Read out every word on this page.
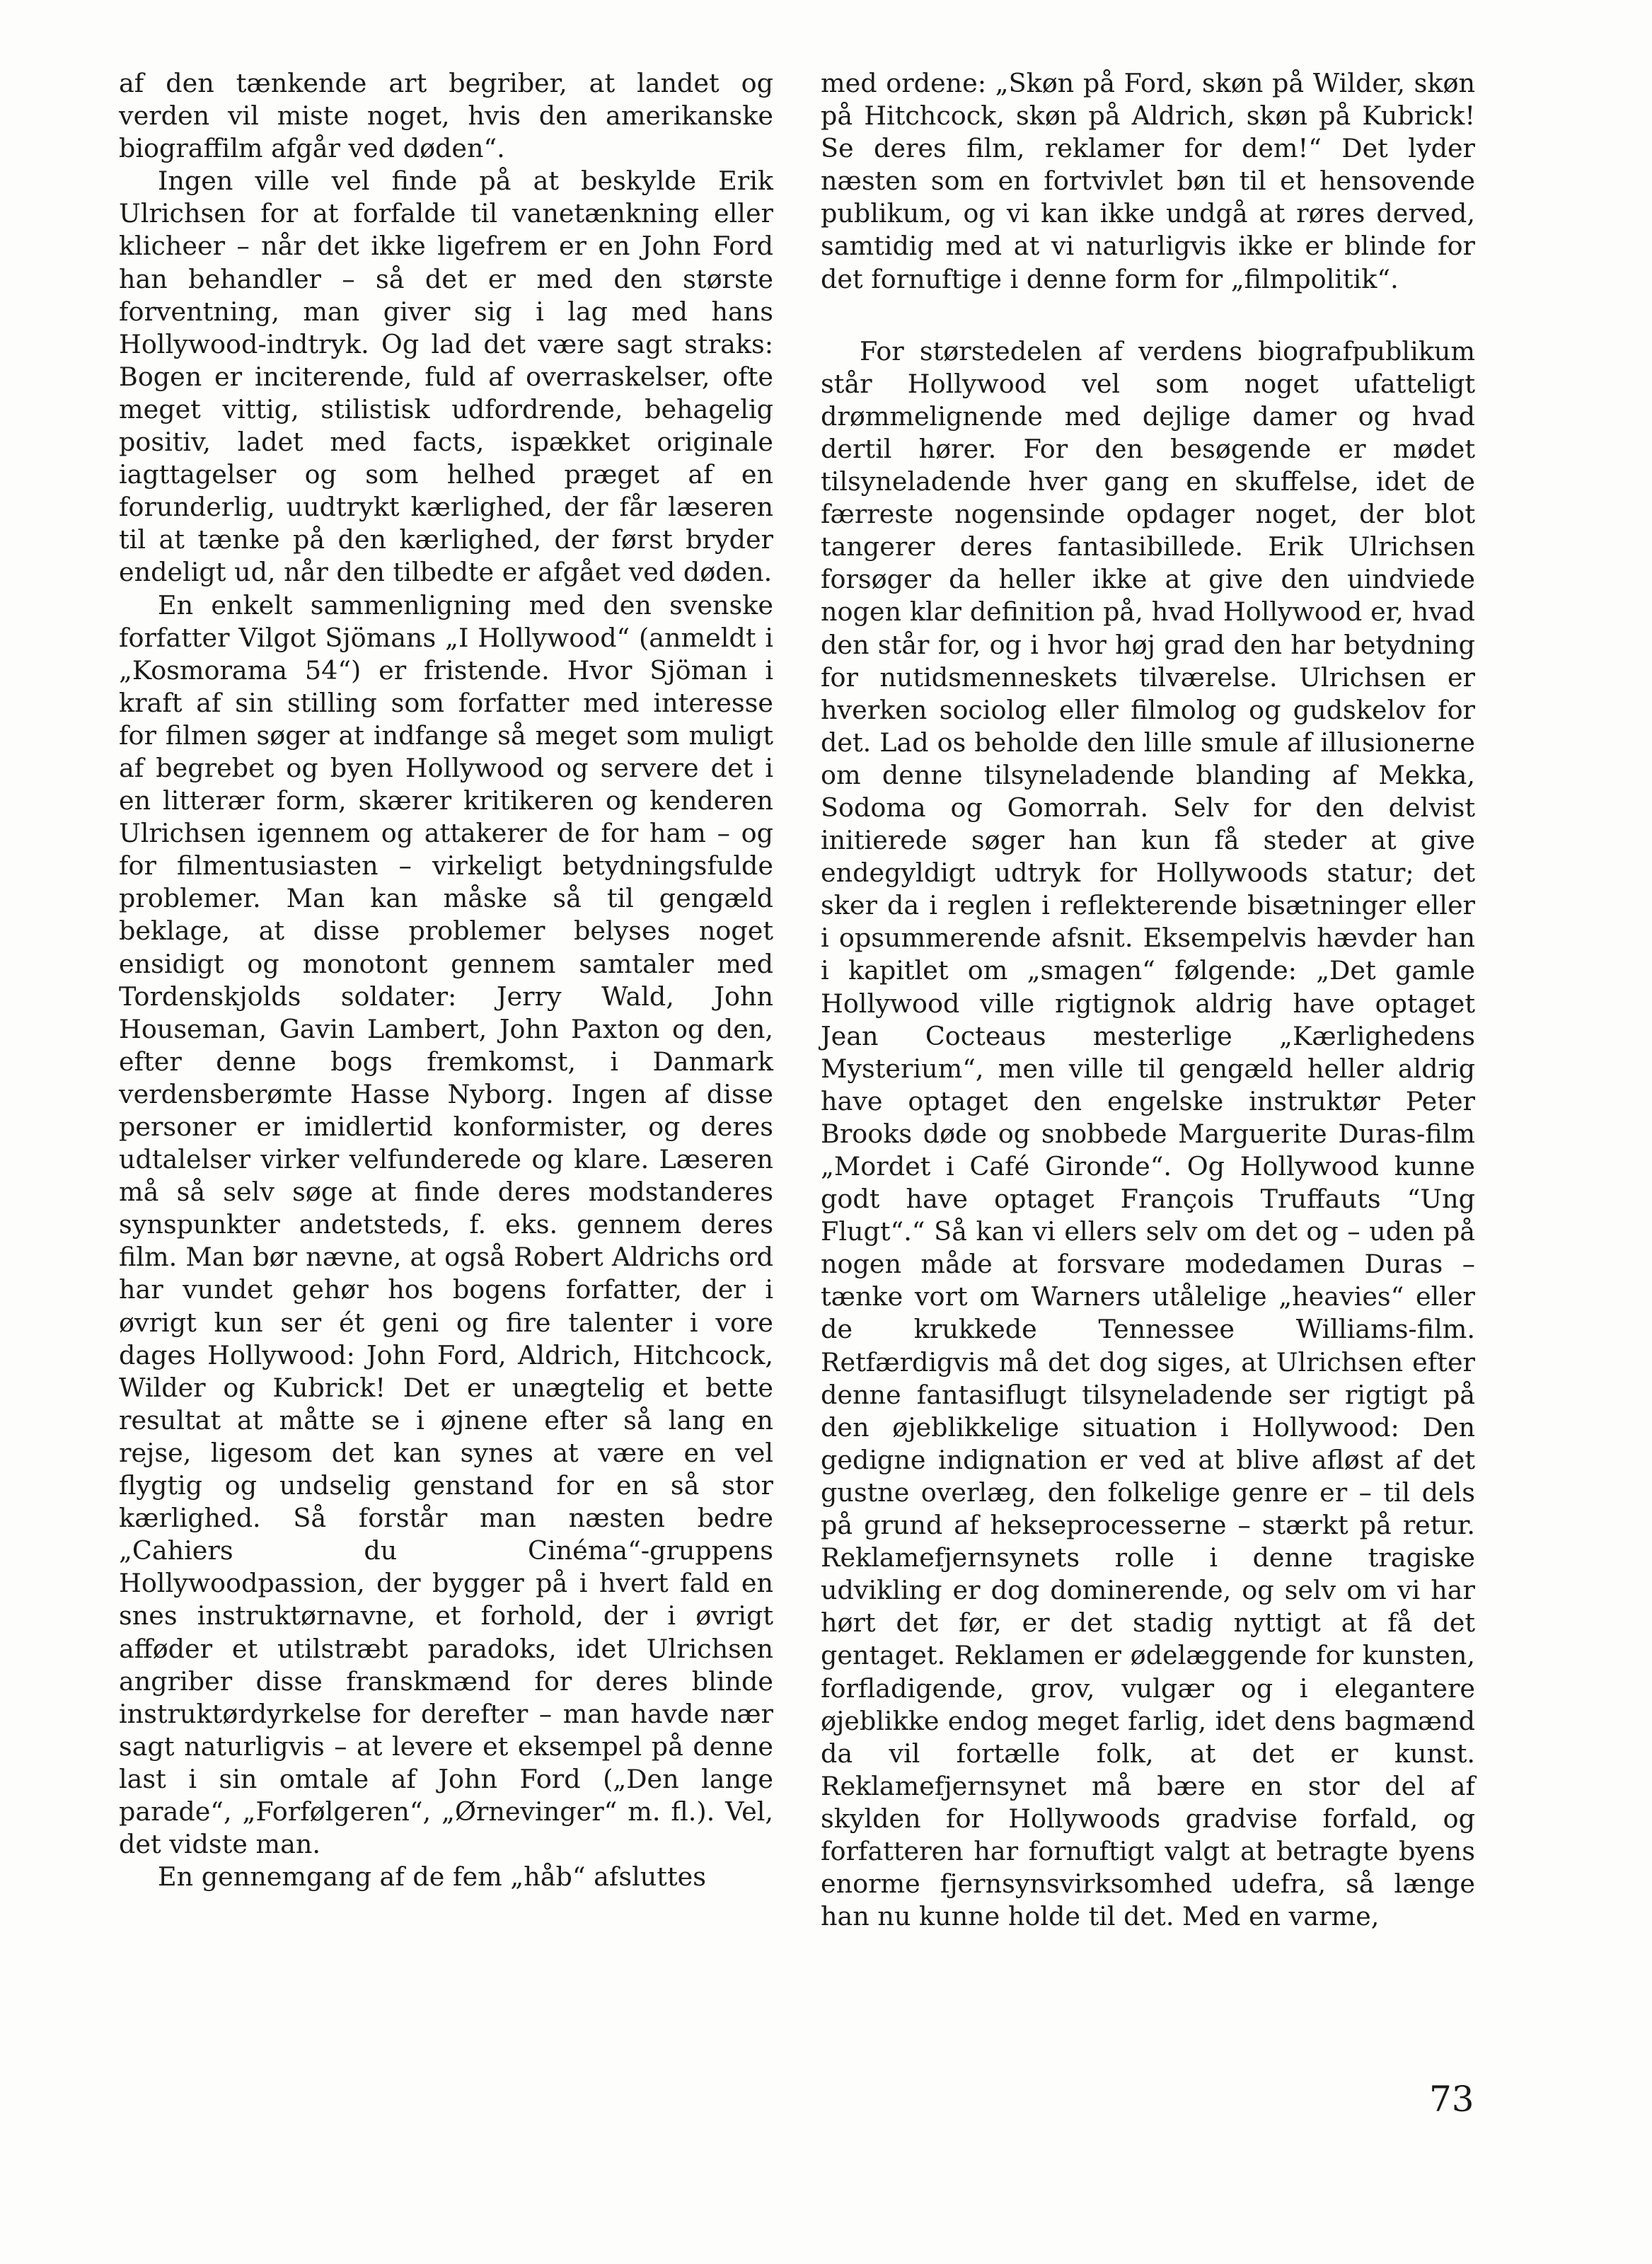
af den tænkende art begriber, at landet og verden vil miste noget, hvis den amerikanske biograffilm afgår ved døden“.

Ingen ville vel finde på at beskylde Erik Ulrichsen for at forfalde til vanetænkning eller klicheer – når det ikke ligefrem er en John Ford han behandler – så det er med den største forventning, man giver sig i lag med hans Hollywood-indtryk. Og lad det være sagt straks: Bogen er inciterende, fuld af overraskelser, ofte meget vittig, stilistisk udfordrende, behagelig positiv, ladet med facts, ispækket originale iagttagelser og som helhed præget af en forunderlig, uudtrykt kærlighed, der får læseren til at tænke på den kærlighed, der først bryder endeligt ud, når den tilbedte er afgået ved døden.

En enkelt sammenligning med den svenske forfatter Vilgot Sjömans „I Hollywood“ (anmeldt i „Kosmorama 54“) er fristende. Hvor Sjöman i kraft af sin stilling som forfatter med interesse for filmen søger at indfange så meget som muligt af begrebet og byen Hollywood og servere det i en litterær form, skærer kritikeren og kenderen Ulrichsen igennem og attakerer de for ham – og for filmentusiasten – virkeligt betydningsfulde problemer. Man kan måske så til gengæld beklage, at disse problemer belyses noget ensidigt og monotont gennem samtaler med Tordenskjolds soldater: Jerry Wald, John Houseman, Gavin Lambert, John Paxton og den, efter denne bogs fremkomst, i Danmark verdensberømte Hasse Nyborg. Ingen af disse personer er imidlertid konformister, og deres udtalelser virker velfunderede og klare. Læseren må så selv søge at finde deres modstanderes synspunkter andetsteds, f. eks. gennem deres film. Man bør nævne, at også Robert Aldrichs ord har vundet gehør hos bogens forfatter, der i øvrigt kun ser ét geni og fire talenter i vore dages Hollywood: John Ford, Aldrich, Hitchcock, Wilder og Kubrick! Det er unægtelig et bette resultat at måtte se i øjnene efter så lang en rejse, ligesom det kan synes at være en vel flygtig og undselig genstand for en så stor kærlighed. Så forstår man næsten bedre „Cahiers du Cinéma“-gruppens Hollywoodpassion, der bygger på i hvert fald en snes instruktørnavne, et forhold, der i øvrigt afføder et utilstræbt paradoks, idet Ulrichsen angriber disse franskmænd for deres blinde instruktørdyrkelse for derefter – man havde nær sagt naturligvis – at levere et eksempel på denne last i sin omtale af John Ford („Den lange parade“, „Forfølgeren“, „Ørnevinger“ m. fl.). Vel, det vidste man.

En gennemgang af de fem „håb“ afsluttes

med ordene: „Skøn på Ford, skøn på Wilder, skøn på Hitchcock, skøn på Aldrich, skøn på Kubrick! Se deres film, reklamer for dem!“ Det lyder næsten som en fortvivlet bøn til et hensovende publikum, og vi kan ikke undgå at røres derved, samtidig med at vi naturligvis ikke er blinde for det fornuftige i denne form for „filmpolitik“.

For størstedelen af verdens biografpublikum står Hollywood vel som noget ufatteligt drømmelignende med dejlige damer og hvad dertil hører. For den besøgende er mødet tilsyneladende hver gang en skuffelse, idet de færreste nogensinde opdager noget, der blot tangerer deres fantasibillede. Erik Ulrichsen forsøger da heller ikke at give den uindviede nogen klar definition på, hvad Hollywood er, hvad den står for, og i hvor høj grad den har betydning for nutidsmenneskets tilværelse. Ulrichsen er hverken sociolog eller filmolog og gudskelov for det. Lad os beholde den lille smule af illusionerne om denne tilsyneladende blanding af Mekka, Sodoma og Gomorrah. Selv for den delvist initierede søger han kun få steder at give endegyldigt udtryk for Hollywoods statur; det sker da i reglen i reflekterende bisætninger eller i opsummerende afsnit. Eksempelvis hævder han i kapitlet om „smagen“ følgende: „Det gamle Hollywood ville rigtignok aldrig have optaget Jean Cocteaus mesterlige „Kærlighedens Mysterium“, men ville til gengæld heller aldrig have optaget den engelske instruktør Peter Brooks døde og snobbede Marguerite Duras-film „Mordet i Café Gironde“. Og Hollywood kunne godt have optaget François Truffauts “Ung Flugt“.“ Så kan vi ellers selv om det og – uden på nogen måde at forsvare modedamen Duras – tænke vort om Warners utålelige „heavies“ eller de krukkede Tennessee Williams-film. Retfærdigvis må det dog siges, at Ulrichsen efter denne fantasiflugt tilsyneladende ser rigtigt på den øjeblikkelige situation i Hollywood: Den gedigne indignation er ved at blive afløst af det gustne overlæg, den folkelige genre er – til dels på grund af hekseprocesserne – stærkt på retur. Reklamefjernsynets rolle i denne tragiske udvikling er dog dominerende, og selv om vi har hørt det før, er det stadig nyttigt at få det gentaget. Reklamen er ødelæggende for kunsten, forfladigende, grov, vulgær og i elegantere øjeblikke endog meget farlig, idet dens bagmænd da vil fortælle folk, at det er kunst. Reklamefjernsynet må bære en stor del af skylden for Hollywoods gradvise forfald, og forfatteren har fornuftigt valgt at betragte byens enorme fjernsynsvirksomhed udefra, så længe han nu kunne holde til det. Med en varme,

73
